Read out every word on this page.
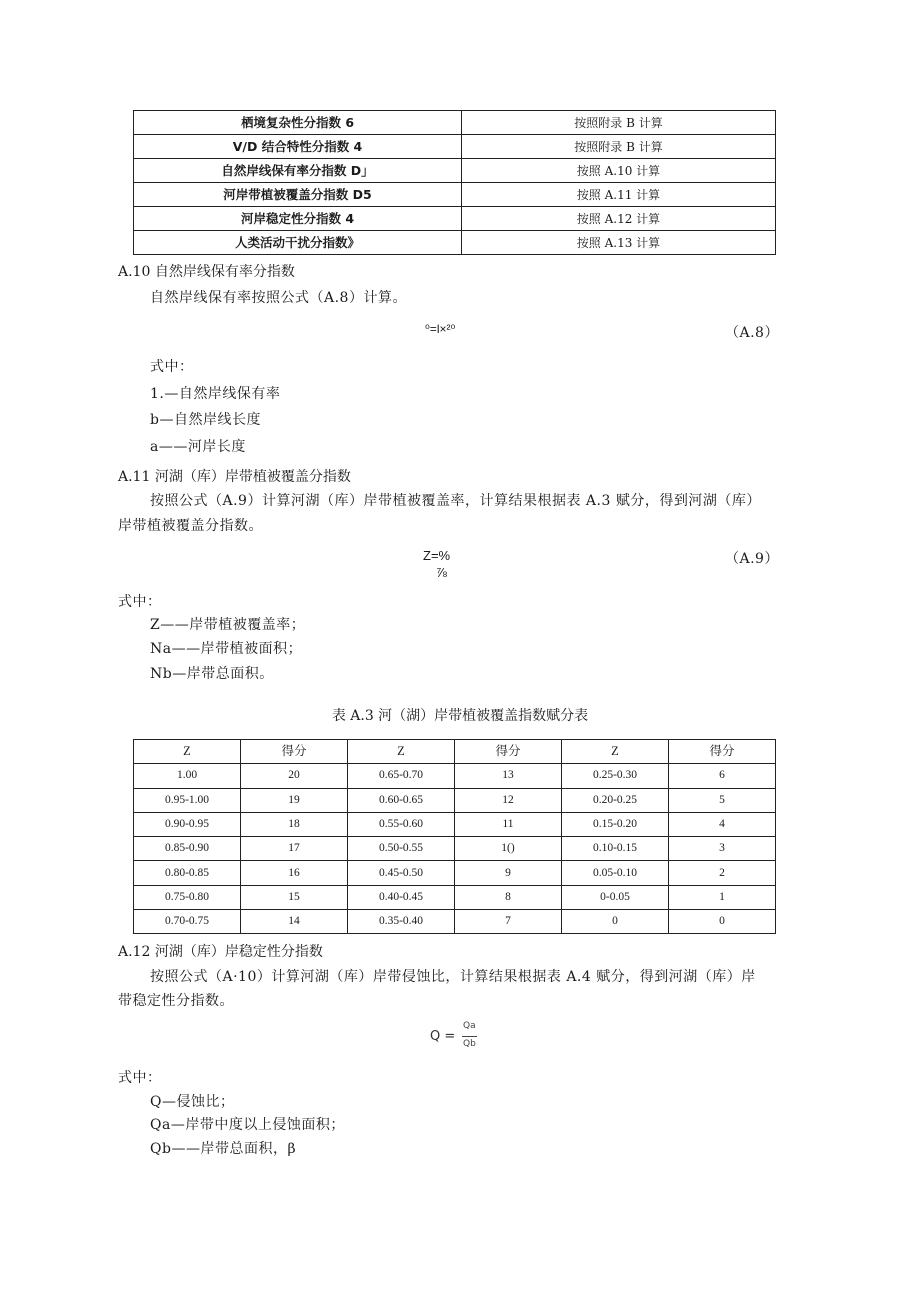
栖境复杂性分指数 6	按照附录 B 计算
V/D 结合特性分指数 4	按照附录 B 计算
自然岸线保有率分指数 D」	按照 A.10 计算
河岸带植被覆盖分指数 D5	按照 A.11 计算
河岸稳定性分指数 4	按照 A.12 计算
人类活动干扰分指数》	按照 A.13 计算
A.10 自然岸线保有率分指数
自然岸线保有率按照公式（A.8）计算。
⁰=l×²⁰	（A.8）
式中：
1.—自然岸线保有率
b—自然岸线长度
a——河岸长度
A.11 河湖（库）岸带植被覆盖分指数
按照公式（A.9）计算河湖（库）岸带植被覆盖率，计算结果根据表 A.3 赋分，得到河湖（库）
岸带植被覆盖分指数。
Z=%
⅞
（A.9）
式中：
Z——岸带植被覆盖率；
Na——岸带植被面积；
Nb—岸带总面积。
表 A.3 河（湖）岸带植被覆盖指数赋分表
Z	得分	Z	得分	Z	得分
1.00	20	0.65-0.70	13	0.25-0.30	6
0.95-1.00	19	0.60-0.65	12	0.20-0.25	5
0.90-0.95	18	0.55-0.60	11	0.15-0.20	4
0.85-0.90	17	0.50-0.55	1()	0.10-0.15	3
0.80-0.85	16	0.45-0.50	9	0.05-0.10	2
0.75-0.80	15	0.40-0.45	8	0-0.05	1
0.70-0.75	14	0.35-0.40	7	0	0
A.12 河湖（库）岸稳定性分指数
按照公式（A·10）计算河湖（库）岸带侵蚀比，计算结果根据表 A.4 赋分，得到河湖（库）岸
带稳定性分指数。
Q =
Qa
Qb
式中：
Q—侵蚀比；
Qa—岸带中度以上侵蚀面积；
Qb——岸带总面积，β
